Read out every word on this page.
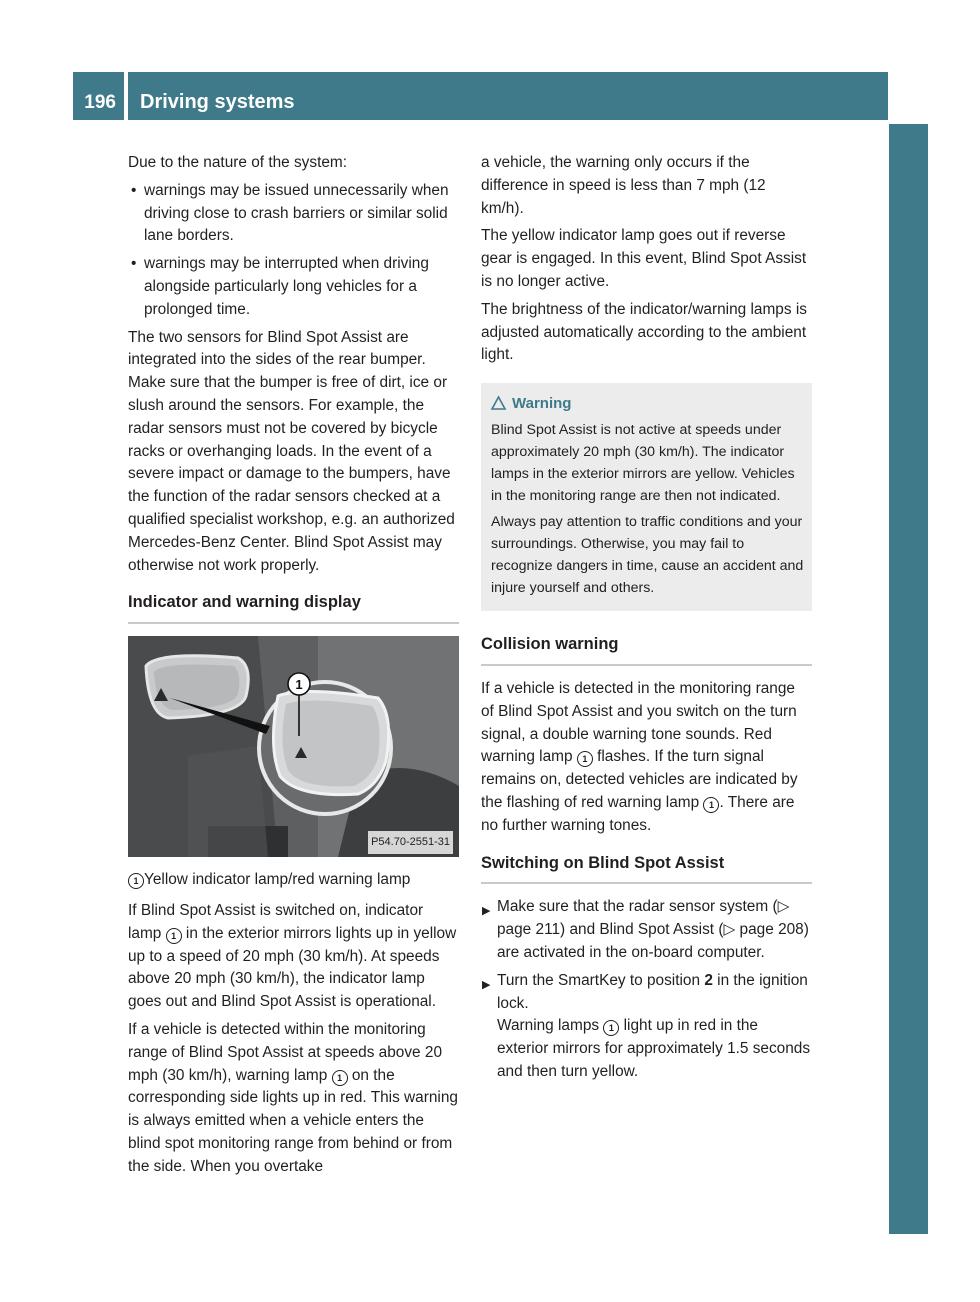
196 Driving systems
Driving and parking

Due to the nature of the system:

• warnings may be issued unnecessarily when driving close to crash barriers or similar solid lane borders.
• warnings may be interrupted when driving alongside particularly long vehicles for a prolonged time.

The two sensors for Blind Spot Assist are integrated into the sides of the rear bumper. Make sure that the bumper is free of dirt, ice or slush around the sensors. For example, the radar sensors must not be covered by bicycle racks or overhanging loads. In the event of a severe impact or damage to the bumpers, have the function of the radar sensors checked at a qualified specialist workshop, e.g. an authorized Mercedes-Benz Center. Blind Spot Assist may otherwise not work properly.

Indicator and warning display
1
P54.70-2551-31
1 Yellow indicator lamp/red warning lamp

If Blind Spot Assist is switched on, indicator lamp 1 in the exterior mirrors lights up in yellow up to a speed of 20 mph (30 km/h). At speeds above 20 mph (30 km/h), the indicator lamp goes out and Blind Spot Assist is operational.

If a vehicle is detected within the monitoring range of Blind Spot Assist at speeds above 20 mph (30 km/h), warning lamp 1 on the corresponding side lights up in red. This warning is always emitted when a vehicle enters the blind spot monitoring range from behind or from the side. When you overtake

a vehicle, the warning only occurs if the difference in speed is less than 7 mph (12 km/h).

The yellow indicator lamp goes out if reverse gear is engaged. In this event, Blind Spot Assist is no longer active.

The brightness of the indicator/warning lamps is adjusted automatically according to the ambient light.

Warning

Blind Spot Assist is not active at speeds under approximately 20 mph (30 km/h). The indicator lamps in the exterior mirrors are yellow. Vehicles in the monitoring range are then not indicated.

Always pay attention to traffic conditions and your surroundings. Otherwise, you may fail to recognize dangers in time, cause an accident and injure yourself and others.

Collision warning

If a vehicle is detected in the monitoring range of Blind Spot Assist and you switch on the turn signal, a double warning tone sounds. Red warning lamp 1 flashes. If the turn signal remains on, detected vehicles are indicated by the flashing of red warning lamp 1 . There are no further warning tones.

Switching on Blind Spot Assist
▶ Make sure that the radar sensor system (▷ page 211) and Blind Spot Assist (▷ page 208) are activated in the on-board computer.
▶ Turn the SmartKey to position 2 in the ignition lock.
Warning lamps 1 light up in red in the exterior mirrors for approximately 1.5 seconds and then turn yellow.
